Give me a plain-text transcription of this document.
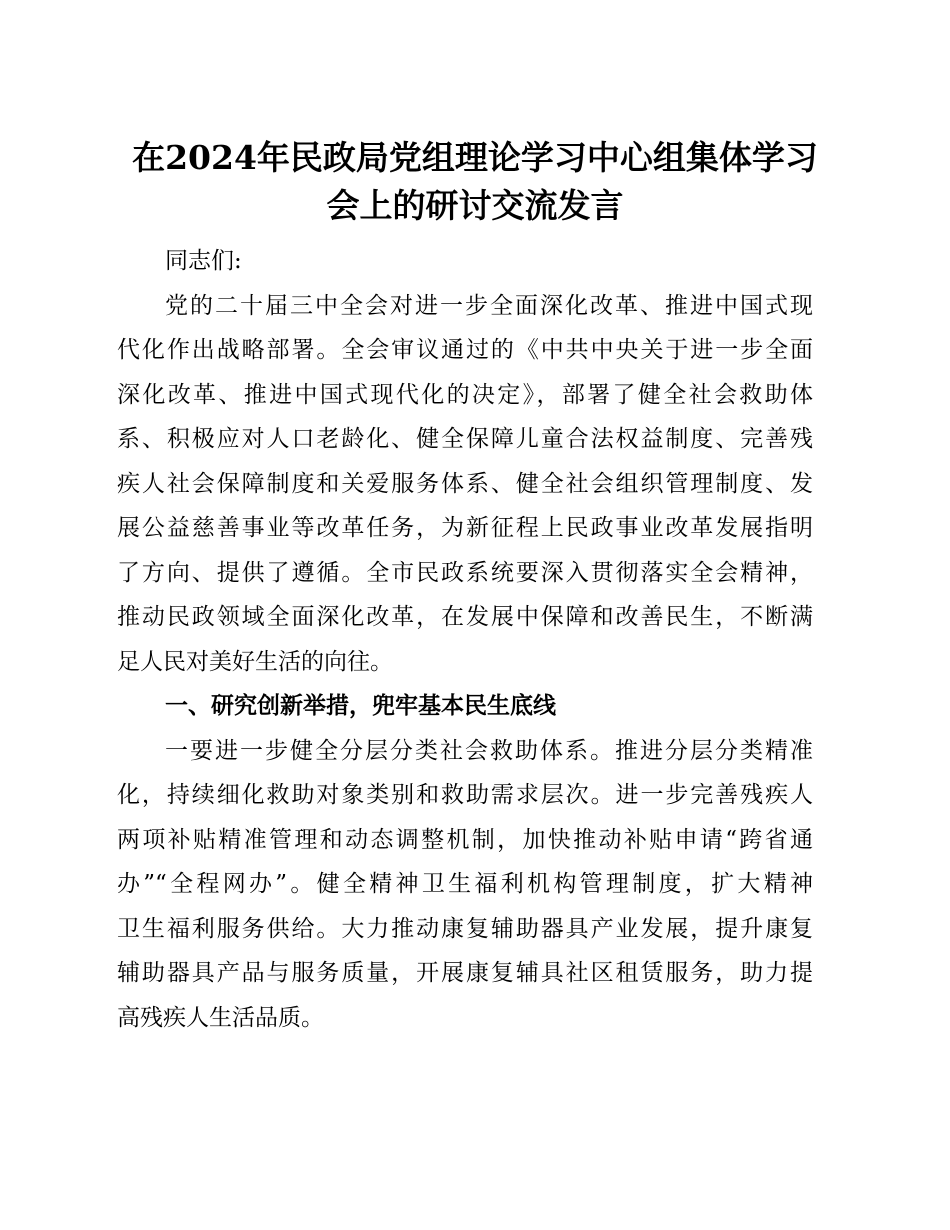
在2024年民政局党组理论学习中心组集体学习
会上的研讨交流发言
同志们:
党的二十届三中全会对进一步全面深化改革、推进中国式现
代化作出战略部署。全会审议通过的《中共中央关于进一步全面
深化改革、推进中国式现代化的决定》，部署了健全社会救助体
系、积极应对人口老龄化、健全保障儿童合法权益制度、完善残
疾人社会保障制度和关爱服务体系、健全社会组织管理制度、发
展公益慈善事业等改革任务，为新征程上民政事业改革发展指明
了方向、提供了遵循。全市民政系统要深入贯彻落实全会精神，
推动民政领域全面深化改革，在发展中保障和改善民生，不断满
足人民对美好生活的向往。
一、研究创新举措，兜牢基本民生底线
一要进一步健全分层分类社会救助体系。推进分层分类精准
化，持续细化救助对象类别和救助需求层次。进一步完善残疾人
两项补贴精准管理和动态调整机制，加快推动补贴申请“跨省通
办”“全程网办”。健全精神卫生福利机构管理制度，扩大精神
卫生福利服务供给。大力推动康复辅助器具产业发展，提升康复
辅助器具产品与服务质量，开展康复辅具社区租赁服务，助力提
高残疾人生活品质。
